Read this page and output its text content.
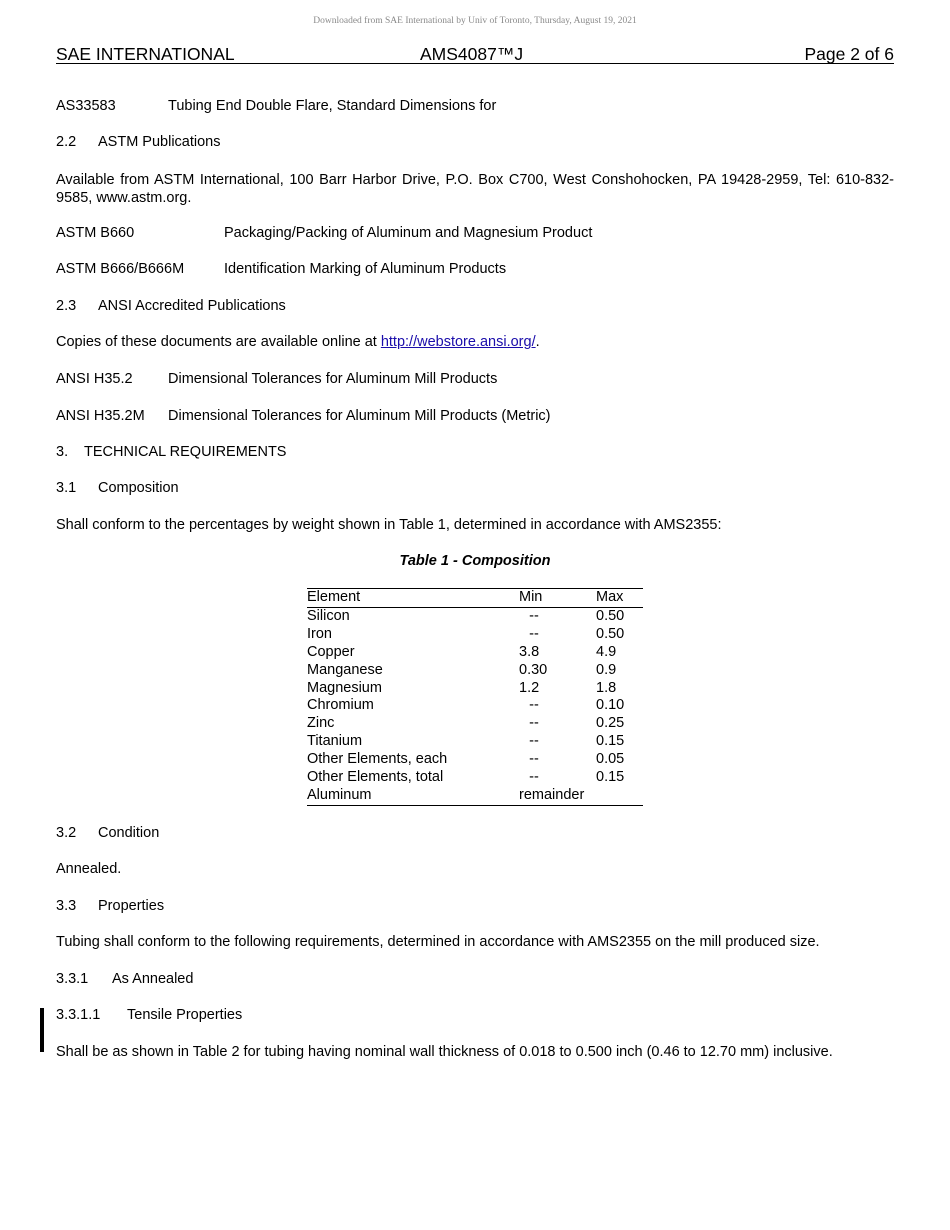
Downloaded from SAE International by Univ of Toronto, Thursday, August 19, 2021
SAE INTERNATIONAL	AMS4087™J	Page 2 of 6
AS33583	Tubing End Double Flare, Standard Dimensions for
2.2 ASTM Publications
Available from ASTM International, 100 Barr Harbor Drive, P.O. Box C700, West Conshohocken, PA 19428-2959, Tel: 610-832-9585, www.astm.org.
ASTM B660	Packaging/Packing of Aluminum and Magnesium Product
ASTM B666/B666M	Identification Marking of Aluminum Products
2.3 ANSI Accredited Publications
Copies of these documents are available online at http://webstore.ansi.org/.
ANSI H35.2 Dimensional Tolerances for Aluminum Mill Products
ANSI H35.2M Dimensional Tolerances for Aluminum Mill Products (Metric)
3. TECHNICAL REQUIREMENTS
3.1 Composition
Shall conform to the percentages by weight shown in Table 1, determined in accordance with AMS2355:
Table 1 - Composition
Element	Min	Max
Silicon	--	0.50
Iron	--	0.50
Copper	3.8	4.9
Manganese	0.30	0.9
Magnesium	1.2	1.8
Chromium	--	0.10
Zinc	--	0.25
Titanium	--	0.15
Other Elements, each	--	0.05
Other Elements, total	--	0.15
Aluminum	remainder	
3.2 Condition
Annealed.
3.3 Properties
Tubing shall conform to the following requirements, determined in accordance with AMS2355 on the mill produced size.
3.3.1 As Annealed
3.3.1.1 Tensile Properties
Shall be as shown in Table 2 for tubing having nominal wall thickness of 0.018 to 0.500 inch (0.46 to 12.70 mm) inclusive.
